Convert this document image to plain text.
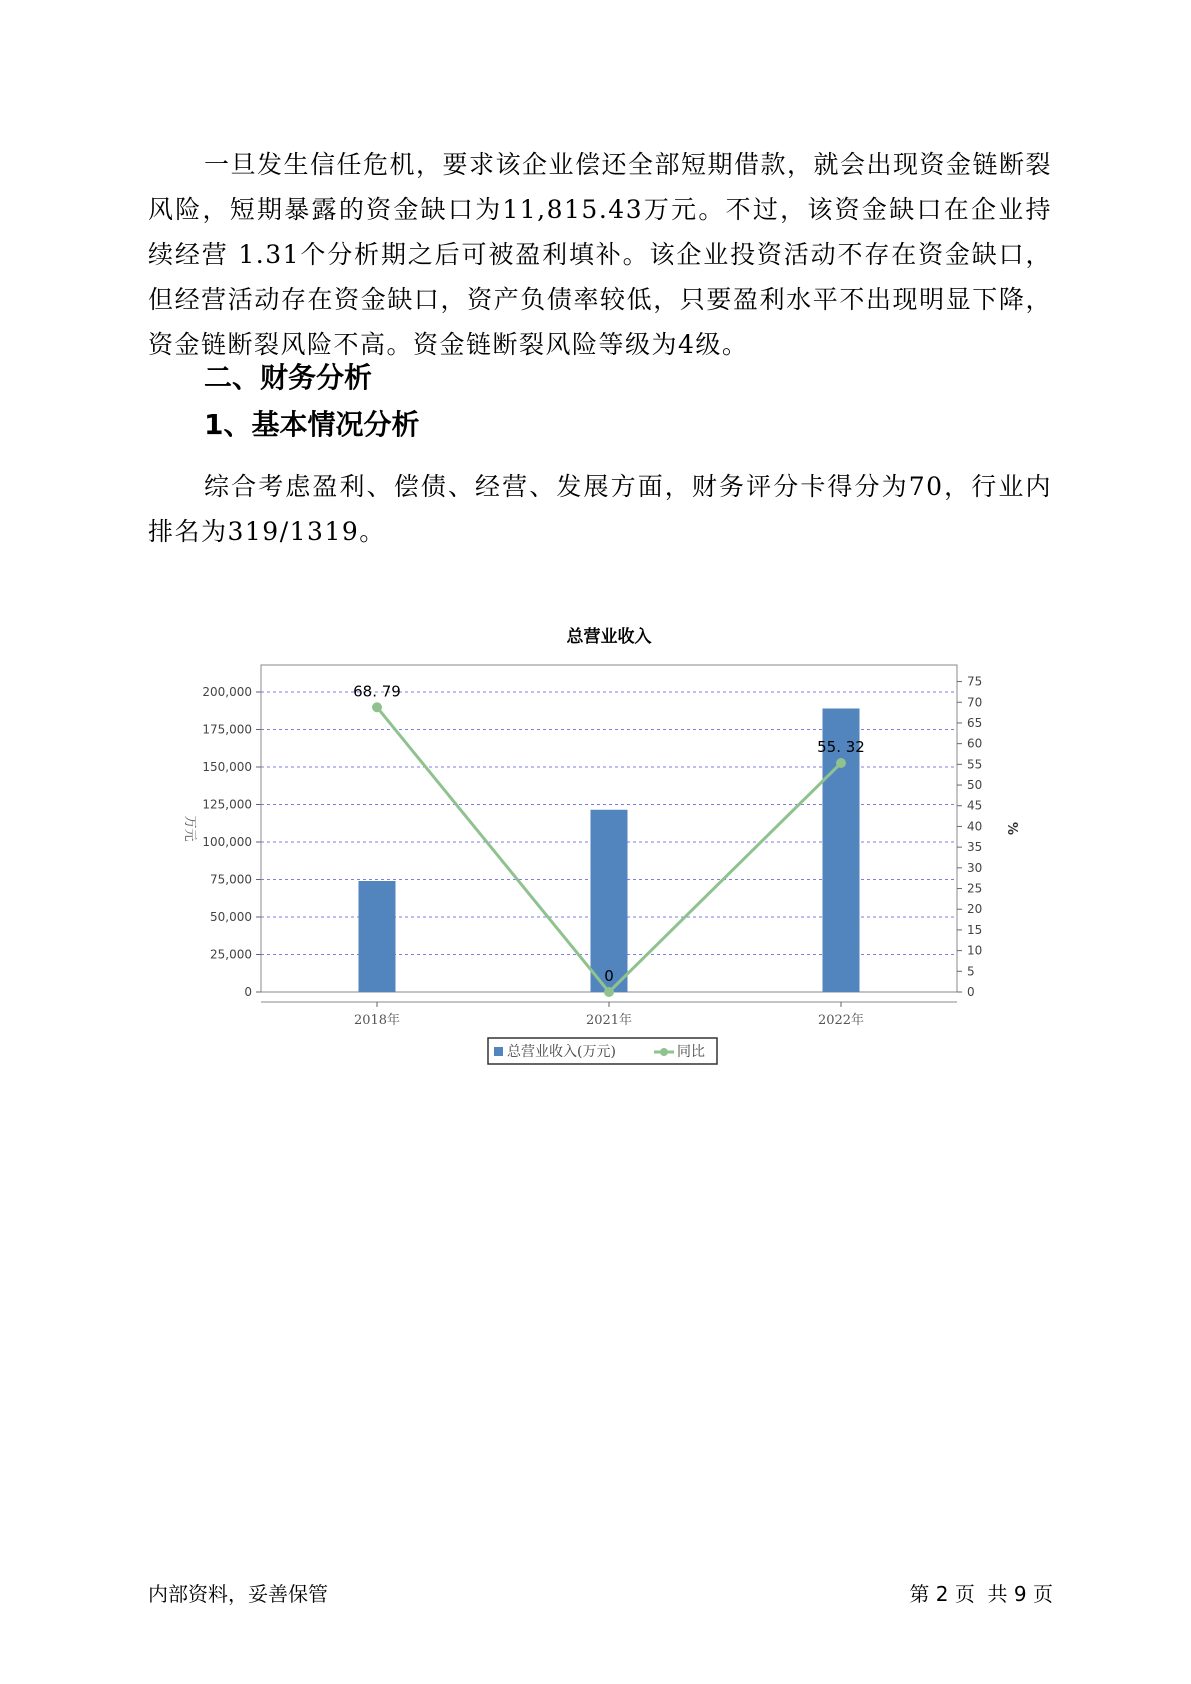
一旦发生信任危机，要求该企业偿还全部短期借款，就会出现资金链断裂风险，短期暴露的资金缺口为11,815.43万元。不过，该资金缺口在企业持续经营 1.31个分析期之后可被盈利填补。该企业投资活动不存在资金缺口，但经营活动存在资金缺口，资产负债率较低，只要盈利水平不出现明显下降，资金链断裂风险不高。资金链断裂风险等级为4级。

二、财务分析
1、基本情况分析

综合考虑盈利、偿债、经营、发展方面，财务评分卡得分为70，行业内排名为319/1319。

总营业收入
0
25,000
50,000
75,000
100,000
125,000
150,000
175,000
200,000
0
5
10
15
20
25
30
35
40
45
50
55
60
65
70
75
万元	%
2018年	2021年	2022年
68. 79
0
55. 32
总营业收入(万元)	同比
内部资料，妥善保管	第 2 页  共 9 页
